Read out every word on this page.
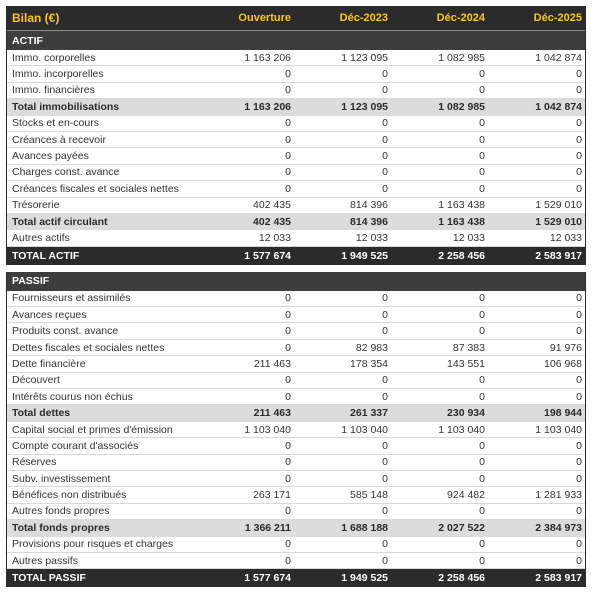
Bilan (€)	Ouverture	Déc-2023	Déc-2024	Déc-2025
ACTIF
Immo. corporelles	1 163 206	1 123 095	1 082 985	1 042 874
Immo. incorporelles	0	0	0	0
Immo. financières	0	0	0	0
Total immobilisations	1 163 206	1 123 095	1 082 985	1 042 874
Stocks et en-cours	0	0	0	0
Créances à recevoir	0	0	0	0
Avances payées	0	0	0	0
Charges const. avance	0	0	0	0
Créances fiscales et sociales nettes	0	0	0	0
Trésorerie	402 435	814 396	1 163 438	1 529 010
Total actif circulant	402 435	814 396	1 163 438	1 529 010
Autres actifs	12 033	12 033	12 033	12 033
TOTAL ACTIF	1 577 674	1 949 525	2 258 456	2 583 917
PASSIF
Fournisseurs et assimilés	0	0	0	0
Avances reçues	0	0	0	0
Produits const. avance	0	0	0	0
Dettes fiscales et sociales nettes	0	82 983	87 383	91 976
Dette financière	211 463	178 354	143 551	106 968
Découvert	0	0	0	0
Intérêts courus non échus	0	0	0	0
Total dettes	211 463	261 337	230 934	198 944
Capital social et primes d'émission	1 103 040	1 103 040	1 103 040	1 103 040
Compte courant d'associés	0	0	0	0
Réserves	0	0	0	0
Subv. investissement	0	0	0	0
Bénéfices non distribués	263 171	585 148	924 482	1 281 933
Autres fonds propres	0	0	0	0
Total fonds propres	1 366 211	1 688 188	2 027 522	2 384 973
Provisions pour risques et charges	0	0	0	0
Autres passifs	0	0	0	0
TOTAL PASSIF	1 577 674	1 949 525	2 258 456	2 583 917
